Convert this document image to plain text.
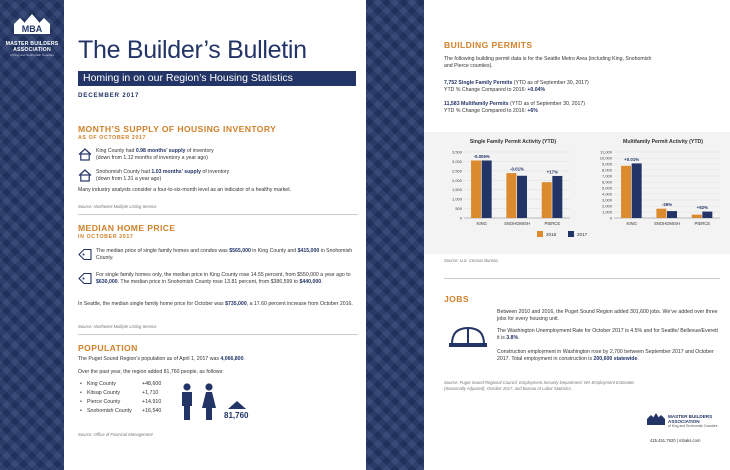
MBA
MASTER BUILDERS
ASSOCIATION
of King and Snohomish Counties The Builder’s Bulletin
Homing in on our Region’s Housing Statistics
DECEMBER 2017
MONTH’S SUPPLY OF HOUSING INVENTORY
AS OF OCTOBER 2017
King County had 0.98 months’ supply of inventory
(down from 1.12 months of inventory a year ago)
Snohomish County had 1.03 months’ supply of inventory
(down from 1.31 a year ago)
Many industry analysts consider a four-to-six-month level as an indicator of a healthy market.
Source: Northwest Multiple Listing Service
MEDIAN HOME PRICE
IN OCTOBER 2017
The median price of single family homes and condos was $565,000 in King County and $415,000 in Snohomish County.
For single family homes only, the median price in King County rose 14.55 percent, from $550,000 a year ago to $630,000. The median price in Snohomish County rose 13.81 percent, from $386,599 to $440,000.
In Seattle, the median single family home price for October was $735,000, a 17.60 percent increase from October 2016.
Source: Northwest Multiple Listing Service
POPULATION
The Puget Sound Region’s population as of April 1, 2017 was 4,066,800.
Over the past year, the region added 81,760 people, as follows:
• King County	+48,600
• Kitsap County	+1,710
• Pierce County	+14,910
• Snohomish County +16,540	81,760
Source: Office of Financial Management
BUILDING PERMITS
The following building permit data is for the Seattle Metro Area (including King, Snohomish and Pierce counties).
7,752 Single Family Permits (YTD as of September 30, 2017)
YTD % Change Compared to 2016: +0.04%
11,583 Multifamily Permits (YTD as of September 30, 2017)
YTD % Change Compared to 2016: +6%
Single Family Permit Activity (YTD)
0
500
1,000
1,500
2,000
2,500
3,000
3,500
-0.005%
KING
-0.01%
SNOHOMISH
+17%
PIERCE
Multifamily Permit Activity (YTD)
0
1,000
2,000
3,000
4,000
5,000
6,000
7,000
8,000
9,000
10,000
11,000
+0.01%
KING
-26%
SNOHOMISH
+92%
PIERCE
2016	2017
Source: U.S. Census Bureau
JOBS
Between 2010 and 2016, the Puget Sound Region added 301,600 jobs. We’ve added over three jobs for every housing unit.
The Washington Unemployment Rate for October 2017 is 4.5% and for Seattle/ Bellevue/Everett it is 3.8%.
Construction employment in Washington rose by 2,700 between September 2017 and October 2017. Total employment in construction is 200,600 statewide.
Source: Puget Sound Regional Council, Employment Security Department: WA Employment Estimates
(Seasonally Adjusted), October 2017, and Bureau of Labor Statistics.
MASTER BUILDERS
ASSOCIATION
of King and Snohomish Counties
425.451.7920 | mbaks.com
